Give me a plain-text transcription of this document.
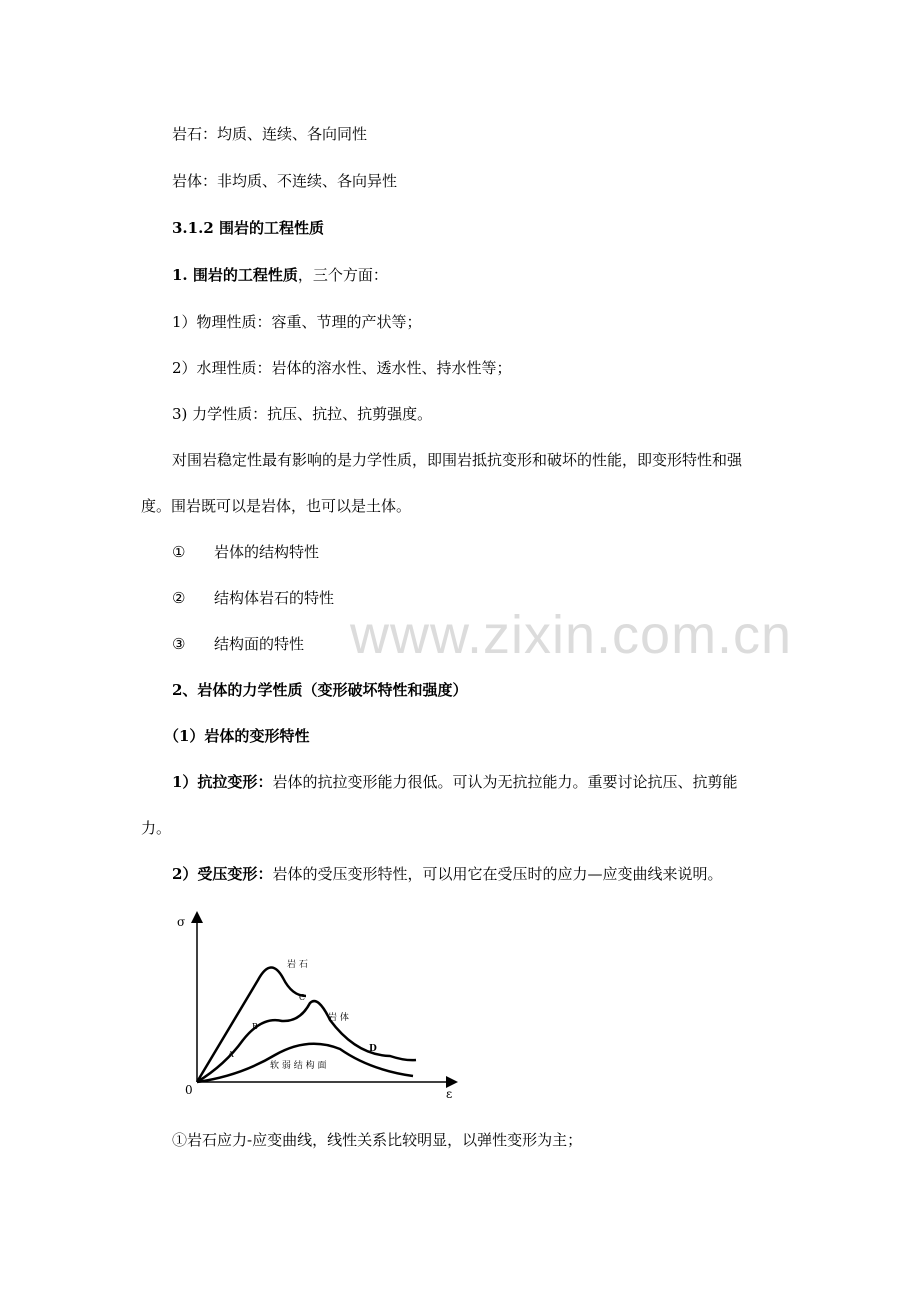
岩石：均质、连续、各向同性
岩体：非均质、不连续、各向异性
3.1.2 围岩的工程性质
1. 围岩的工程性质，三个方面：
1）物理性质：容重、节理的产状等；
2）水理性质：岩体的溶水性、透水性、持水性等；
3) 力学性质：抗压、抗拉、抗剪强度。
对围岩稳定性最有影响的是力学性质，即围岩抵抗变形和破坏的性能，即变形特性和强
度。围岩既可以是岩体，也可以是土体。
① 岩体的结构特性
② 结构体岩石的特性
③ 结构面的特性 www.zixin.com.cn
2、岩体的力学性质（变形破坏特性和强度）
（1）岩体的变形特性
1）抗拉变形：岩体的抗拉变形能力很低。可认为无抗拉能力。重要讨论抗压、抗剪能
力。
2）受压变形：岩体的受压变形特性，可以用它在受压时的应力—应变曲线来说明。
σ
ε
0
岩 石
岩 体
软 弱 结 构 面
A
B
C
D
①岩石应力-应变曲线，线性关系比较明显，以弹性变形为主；
